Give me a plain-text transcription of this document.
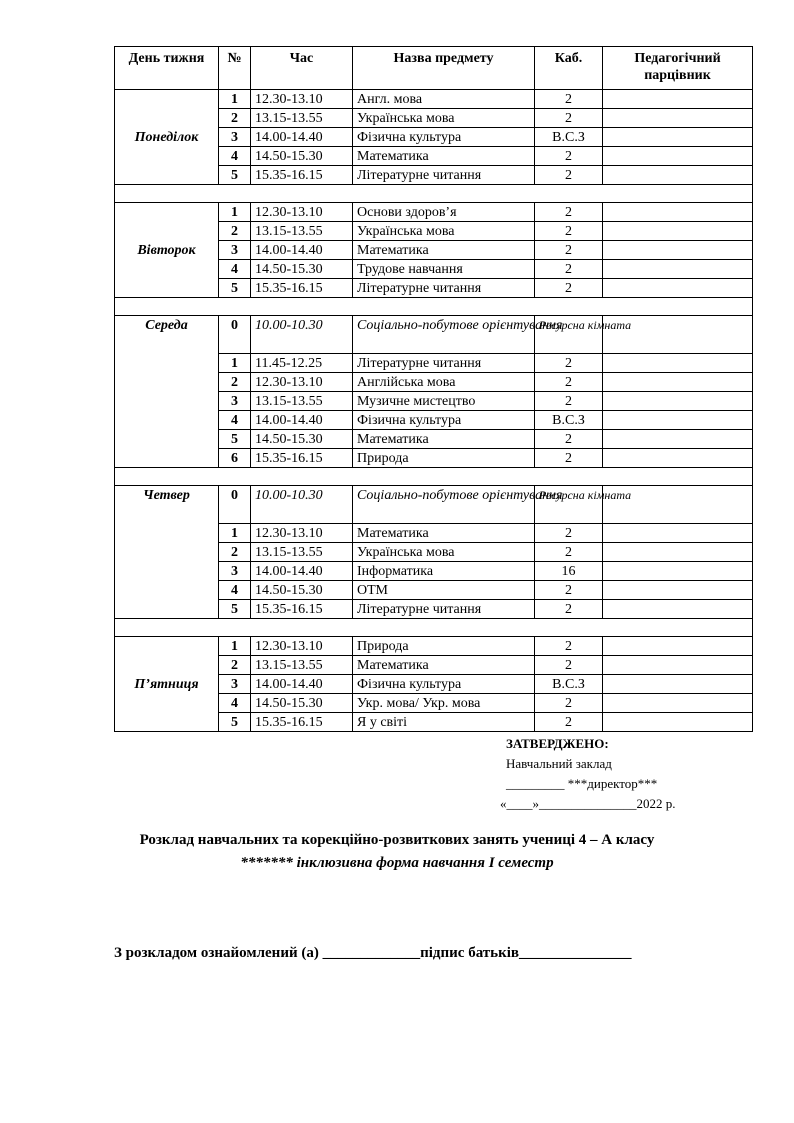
День тижня	№	Час	Назва предмету	Каб.	Педагогічний парцівник
Понеділок	1	12.30-13.10	Англ. мова	2	
	2	13.15-13.55	Українська мова	2	
	3	14.00-14.40	Фізична культура	В.С.З	
	4	14.50-15.30	Математика	2	
	5	15.35-16.15	Літературне читання	2	

Вівторок	1	12.30-13.10	Основи здоров’я	2	
	2	13.15-13.55	Українська мова	2	
	3	14.00-14.40	Математика	2	
	4	14.50-15.30	Трудове навчання	2	
	5	15.35-16.15	Літературне читання	2	

Середа	0	10.00-10.30	Соціально-побутове орієнтування	Ресурсна кімната	
	1	11.45-12.25	Літературне читання	2	
	2	12.30-13.10	Англійська мова	2	
	3	13.15-13.55	Музичне мистецтво	2	
	4	14.00-14.40	Фізична культура	В.С.З	
	5	14.50-15.30	Математика	2	
	6	15.35-16.15	Природа	2	

Четвер	0	10.00-10.30	Соціально-побутове орієнтування	Ресурсна кімната	
	1	12.30-13.10	Математика	2	
	2	13.15-13.55	Українська мова	2	
	3	14.00-14.40	Інформатика	16	
	4	14.50-15.30	ОТМ	2	
	5	15.35-16.15	Літературне читання	2	

П’ятниця	1	12.30-13.10	Природа	2	
	2	13.15-13.55	Математика	2	
	3	14.00-14.40	Фізична культура	В.С.З	
	4	14.50-15.30	Укр. мова/ Укр. мова	2	
	5	15.35-16.15	Я у світі	2	
ЗАТВЕРДЖЕНО:
Навчальний заклад
_________ ***директор***
«____»_______________2022 р.
Розклад навчальних та корекційно-розвиткових занять учениці 4 – А класу
******* інклюзивна форма навчання І семестр
З розкладом ознайомлений (а) _____________підпис батьків_______________
